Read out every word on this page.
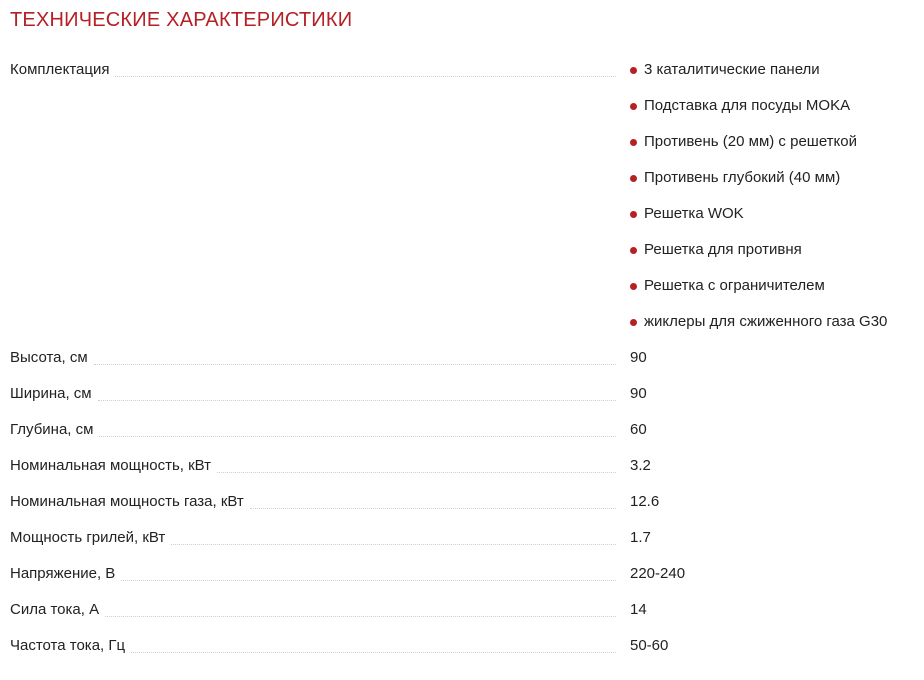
ТЕХНИЧЕСКИЕ ХАРАКТЕРИСТИКИ
Комплектация	3 каталитические панели
Подставка для посуды MOKA
Противень (20 мм) с решеткой
Противень глубокий (40 мм)
Решетка WOK
Решетка для противня
Решетка с ограничителем
жиклеры для сжиженного газа G30
Высота, см	90
Ширина, см	90
Глубина, см	60
Номинальная мощность, кВт	3.2
Номинальная мощность газа, кВт	12.6
Мощность грилей, кВт	1.7
Напряжение, В	220-240
Сила тока, А	14
Частота тока, Гц	50-60
